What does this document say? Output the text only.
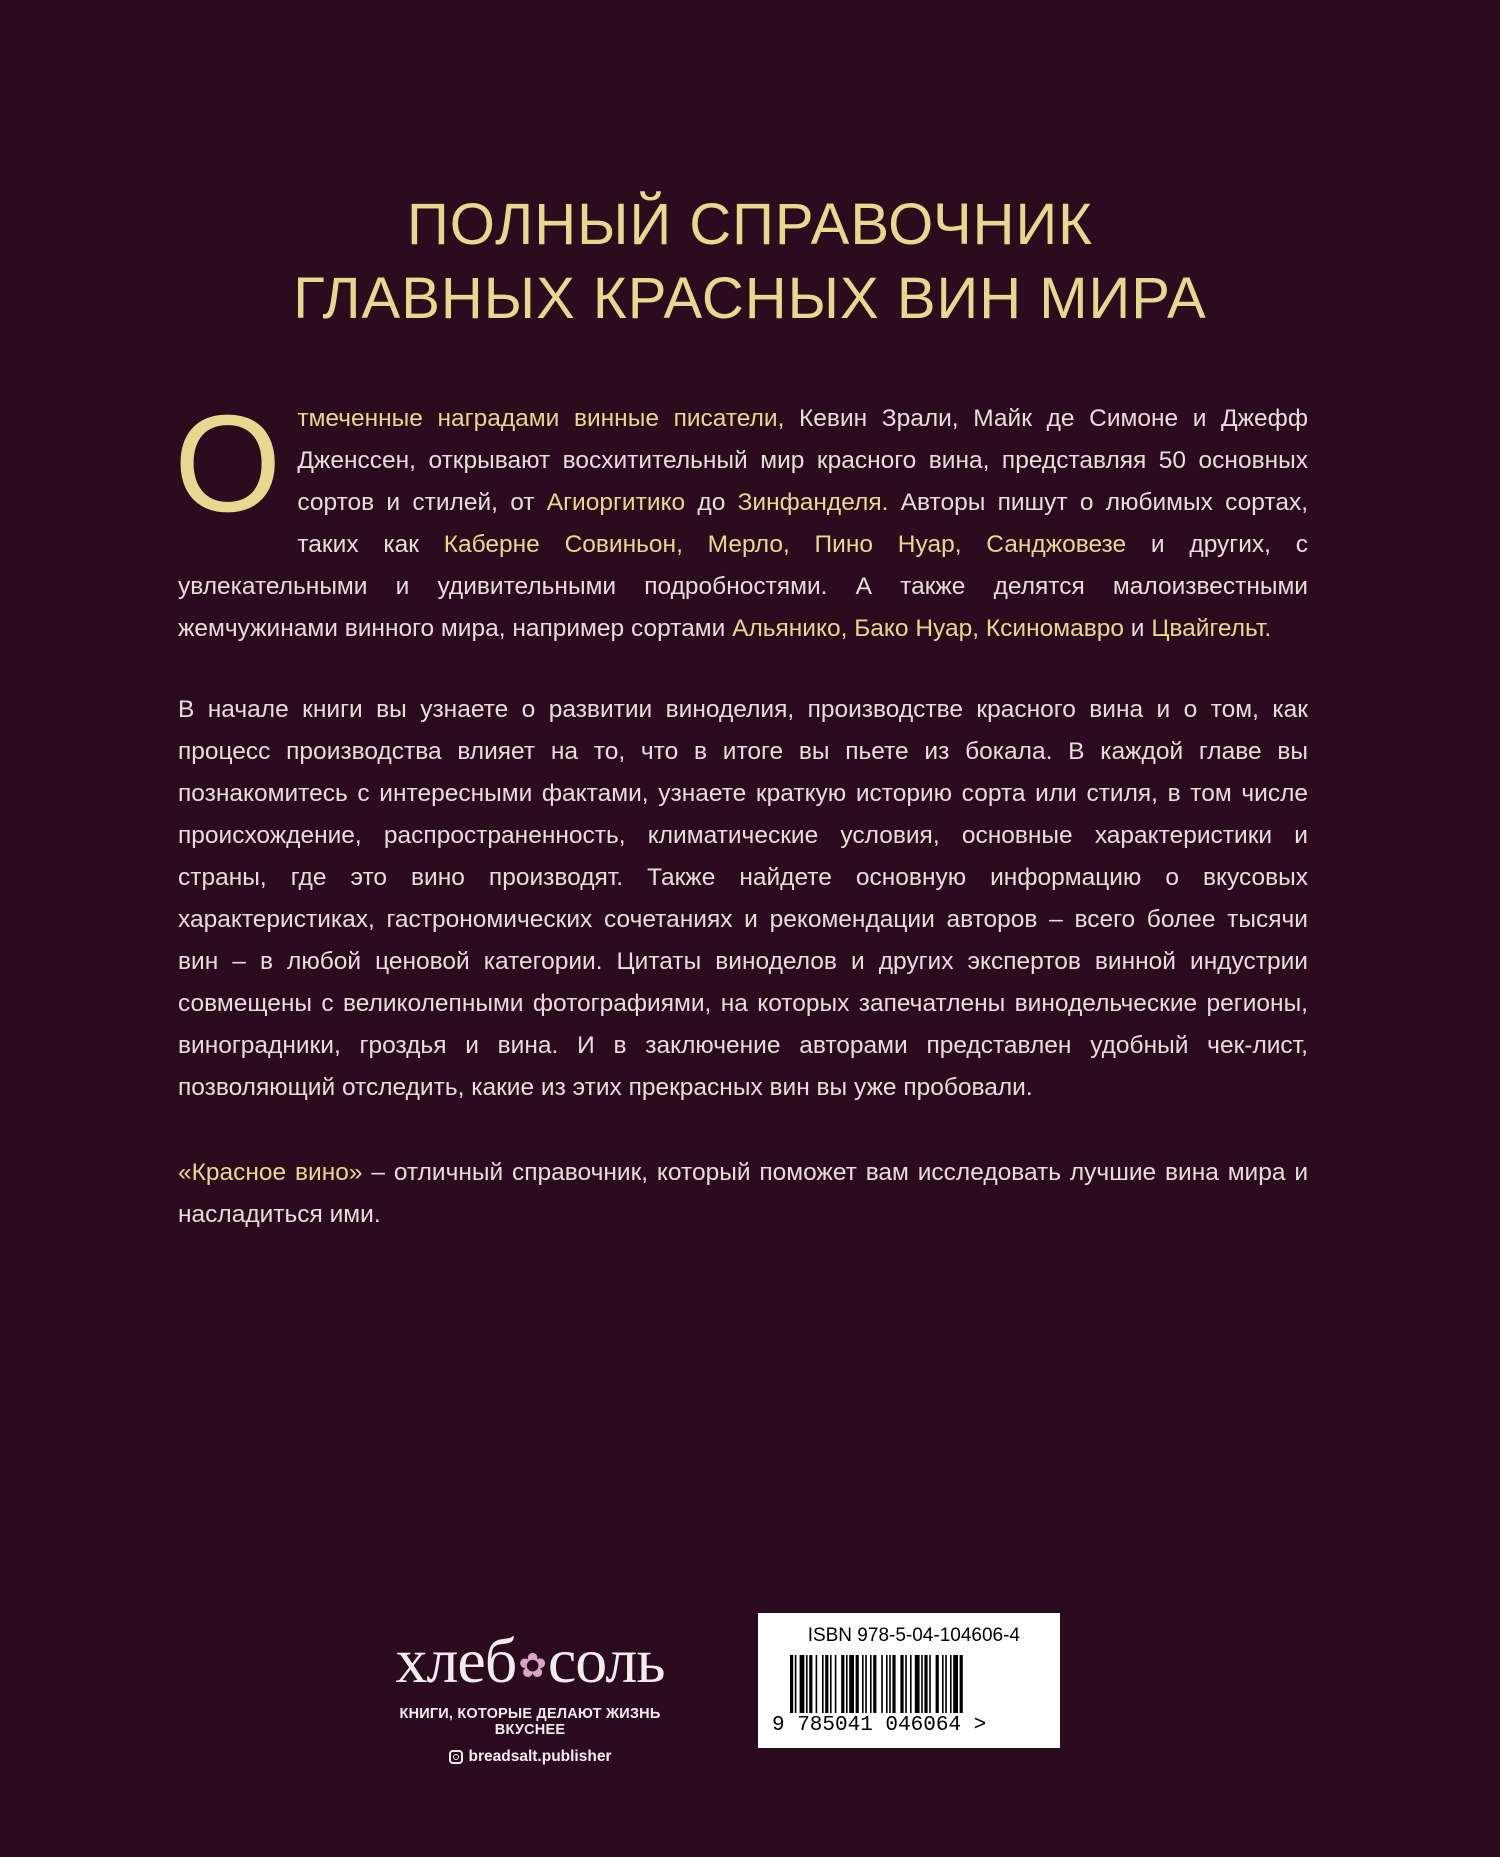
ПОЛНЫЙ СПРАВОЧНИК
ГЛАВНЫХ КРАСНЫХ ВИН МИРА
Отмеченные наградами винные писатели, Кевин Зрали, Майк де Симоне и Джефф Дженссен, открывают восхитительный мир красного вина, представляя 50 основных сортов и стилей, от Агиоргитико до Зинфанделя. Авторы пишут о любимых сортах, таких как Каберне Совиньон, Мерло, Пино Нуар, Санджовезе и других, с увлекательными и удивительными подробностями. А также делятся малоизвестными жемчужинами винного мира, например сортами Альянико, Бако Нуар, Ксиномавро и Цвайгельт.
В начале книги вы узнаете о развитии виноделия, производстве красного вина и о том, как процесс производства влияет на то, что в итоге вы пьете из бокала. В каждой главе вы познакомитесь с интересными фактами, узнаете краткую историю сорта или стиля, в том числе происхождение, распространенность, климатические условия, основные характеристики и страны, где это вино производят. Также найдете основную информацию о вкусовых характеристиках, гастрономических сочетаниях и рекомендации авторов – всего более тысячи вин – в любой ценовой категории. Цитаты виноделов и других экспертов винной индустрии совмещены с великолепными фотографиями, на которых запечатлены винодельческие регионы, виноградники, гроздья и вина. И в заключение авторами представлен удобный чек-лист, позволяющий отследить, какие из этих прекрасных вин вы уже пробовали.
«Красное вино» – отличный справочник, который поможет вам исследовать лучшие вина мира и насладиться ими.
хлеб✿соль
КНИГИ, КОТОРЫЕ ДЕЛАЮТ ЖИЗНЬ ВКУСНЕЕ
breadsalt.publisher
ISBN 978-5-04-104606-4
9 785041 046064 >
